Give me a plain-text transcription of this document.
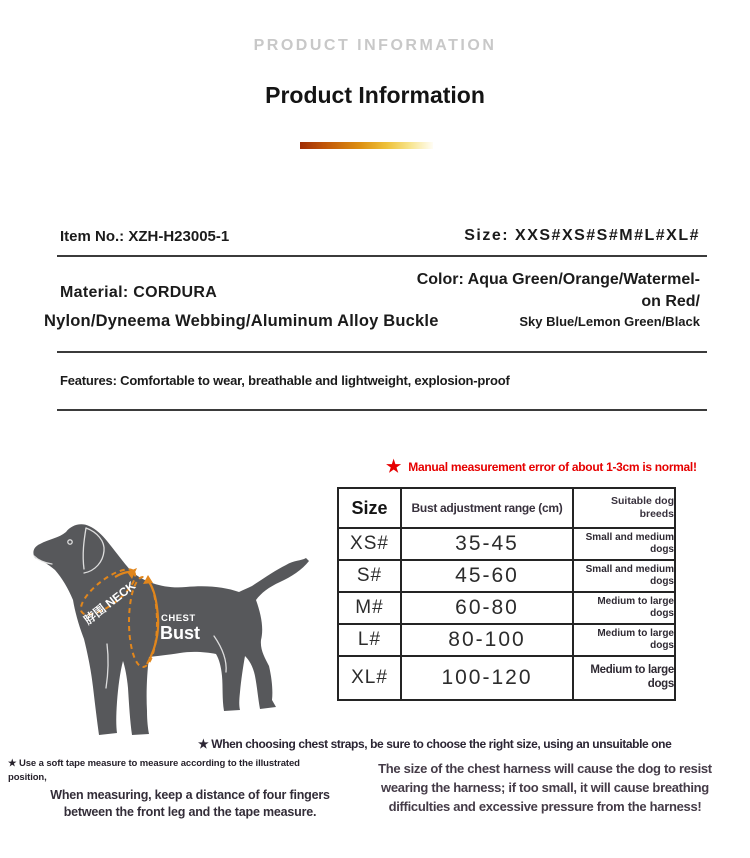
PRODUCT INFORMATION
Product Information
Item No.: XZH-H23005-1	Size: XXS#XS#S#M#L#XL#
Material: CORDURA
Nylon/Dyneema Webbing/Aluminum Alloy Buckle
Color: Aqua Green/Orange/Watermel-
on Red/
Sky Blue/Lemon Green/Black
Features: Comfortable to wear, breathable and lightweight, explosion-proof
★ Manual measurement error of about 1-3cm is normal!
Size	Bust adjustment range (cm)	Suitable dog breeds
XS#	35-45	Small and medium dogs
S#	45-60	Small and medium dogs
M#	60-80	Medium to large dogs
L#	80-100	Medium to large dogs
XL#	100-120	Medium to large dogs
脖围 NECK CHEST
Bust
★ Use a soft tape measure to measure according to the illustrated
position,
When measuring, keep a distance of four fingers
between the front leg and the tape measure.
★ When choosing chest straps, be sure to choose the right size, using an unsuitable one
The size of the chest harness will cause the dog to resist
wearing the harness; if too small, it will cause breathing
difficulties and excessive pressure from the harness!
